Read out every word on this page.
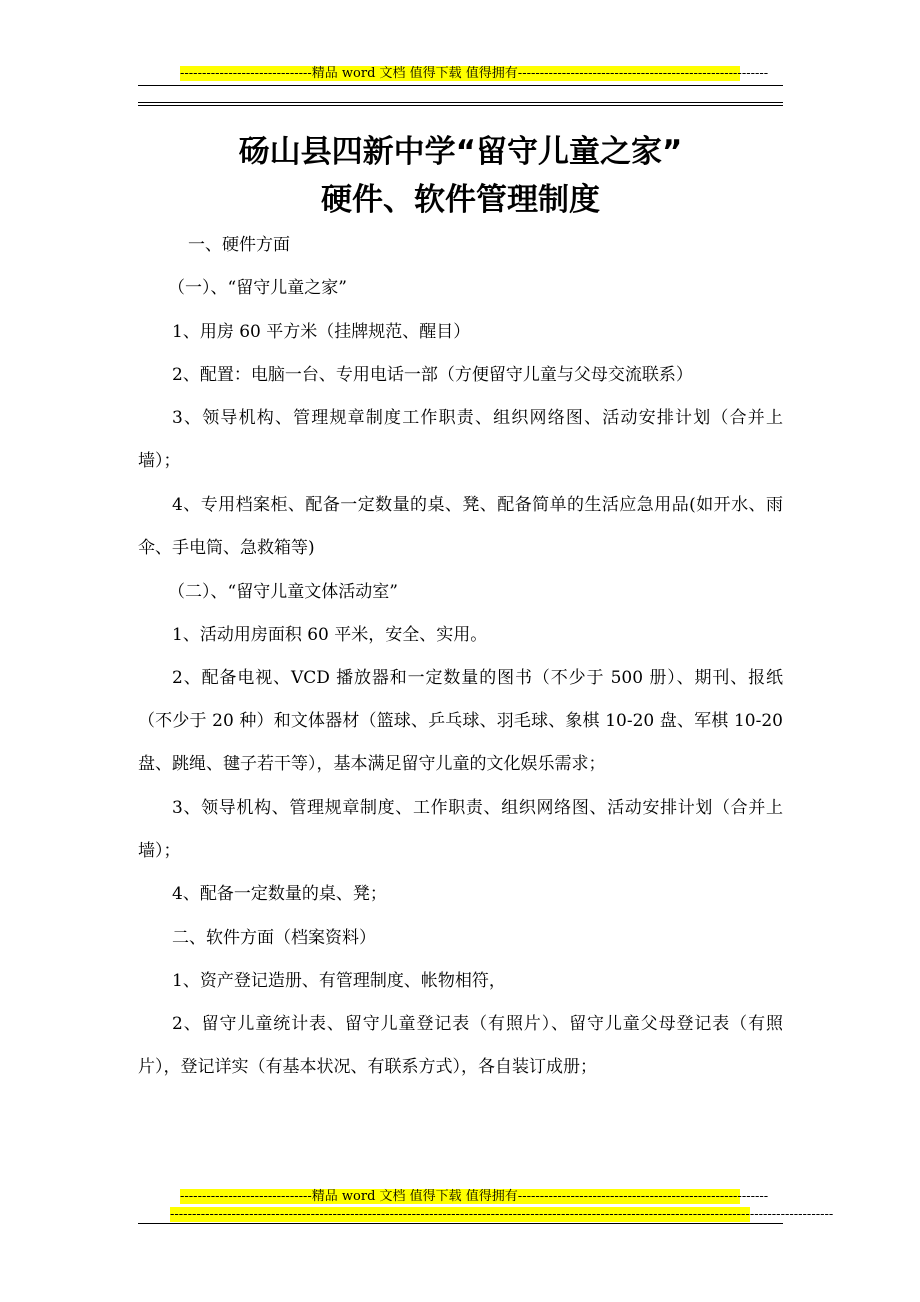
------------------------------精品 word 文档 值得下载 值得拥有---------------------------------------------------------
砀山县四新中学“留守儿童之家”
硬件、软件管理制度

一、硬件方面

（一）、“留守儿童之家”

1、用房 60 平方米（挂牌规范、醒目）

2、配置：电脑一台、专用电话一部（方便留守儿童与父母交流联系）

3、领导机构、管理规章制度工作职责、组织网络图、活动安排计划（合并上墙）；

4、专用档案柜、配备一定数量的桌、凳、配备简单的生活应急用品(如开水、雨伞、手电筒、急救箱等)

（二）、“留守儿童文体活动室”

1、活动用房面积 60 平米，安全、实用。

2、配备电视、VCD 播放器和一定数量的图书（不少于 500 册）、期刊、报纸（不少于 20 种）和文体器材（篮球、乒乓球、羽毛球、象棋 10-20 盘、军棋 10-20 盘、跳绳、毽子若干等），基本满足留守儿童的文化娱乐需求；

3、领导机构、管理规章制度、工作职责、组织网络图、活动安排计划（合并上墙）；

4、配备一定数量的桌、凳；

二、软件方面（档案资料）

1、资产登记造册、有管理制度、帐物相符，

2、留守儿童统计表、留守儿童登记表（有照片）、留守儿童父母登记表（有照片），登记详实（有基本状况、有联系方式），各自装订成册；

------------------------------精品 word 文档 值得下载 值得拥有---------------------------------------------------------
-------------------------------------------------------------------------------------------------------------------------------------------------------
